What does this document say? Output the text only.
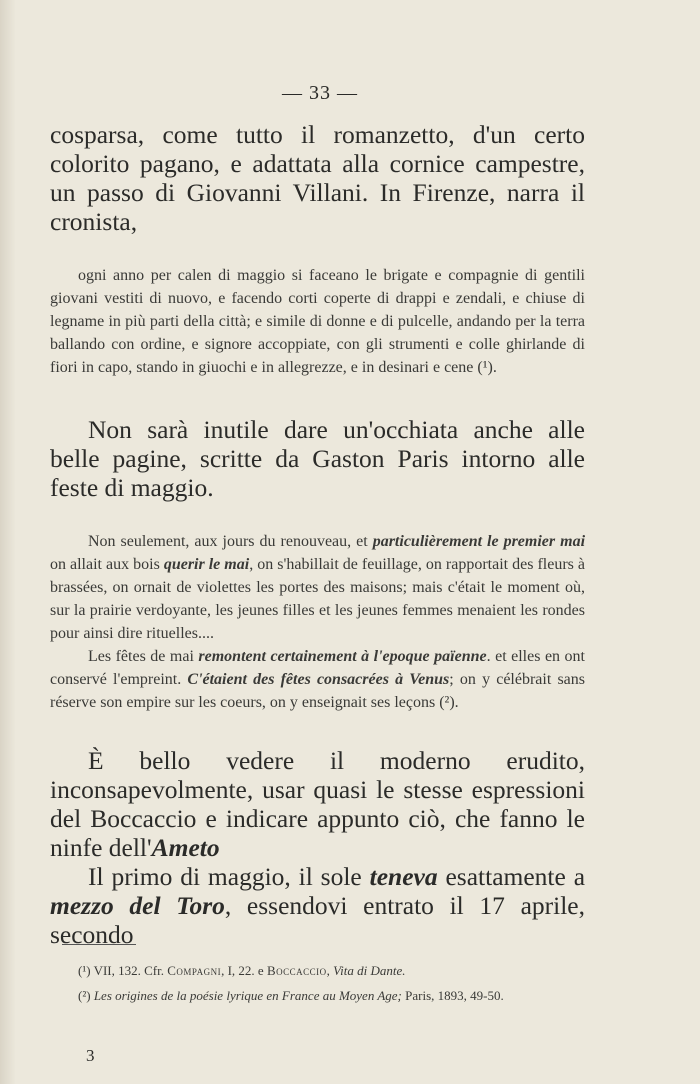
— 33 —

cosparsa, come tutto il romanzetto, d'un certo colorito pagano, e adattata alla cornice campestre, un passo di Giovanni Villani. In Firenze, narra il cronista,

ogni anno per calen di maggio si faceano le brigate e compagnie di gentili giovani vestiti di nuovo, e facendo corti coperte di drappi e zendali, e chiuse di legname in più parti della città; e simile di donne e di pulcelle, andando per la terra ballando con ordine, e signore accoppiate, con gli strumenti e colle ghirlande di fiori in capo, stando in giuochi e in allegrezze, e in desinari e cene (¹).

Non sarà inutile dare un'occhiata anche alle belle pagine, scritte da Gaston Paris intorno alle feste di maggio.

Non seulement, aux jours du renouveau, et particulièrement le premier mai on allait aux bois querir le mai, on s'habillait de feuillage, on rapportait des fleurs à brassées, on ornait de violettes les portes des maisons; mais c'était le moment où, sur la prairie verdoyante, les jeunes filles et les jeunes femmes menaient les rondes pour ainsi dire rituelles....

Les fêtes de mai remontent certainement à l'epoque païenne. et elles en ont conservé l'empreint. C'étaient des fêtes consacrées à Venus; on y célébrait sans réserve son empire sur les coeurs, on y enseignait ses leçons (²).

È bello vedere il moderno erudito, inconsapevolmente, usar quasi le stesse espressioni del Boccaccio e indicare appunto ciò, che fanno le ninfe dell'Ameto

Il primo di maggio, il sole teneva esattamente a mezzo del Toro, essendovi entrato il 17 aprile, secondo

(¹) VII, 132. Cfr. Compagni, I, 22. e Boccaccio, Vita di Dante.
(²) Les origines de la poésie lyrique en France au Moyen Age; Paris, 1893, 49-50.
3
